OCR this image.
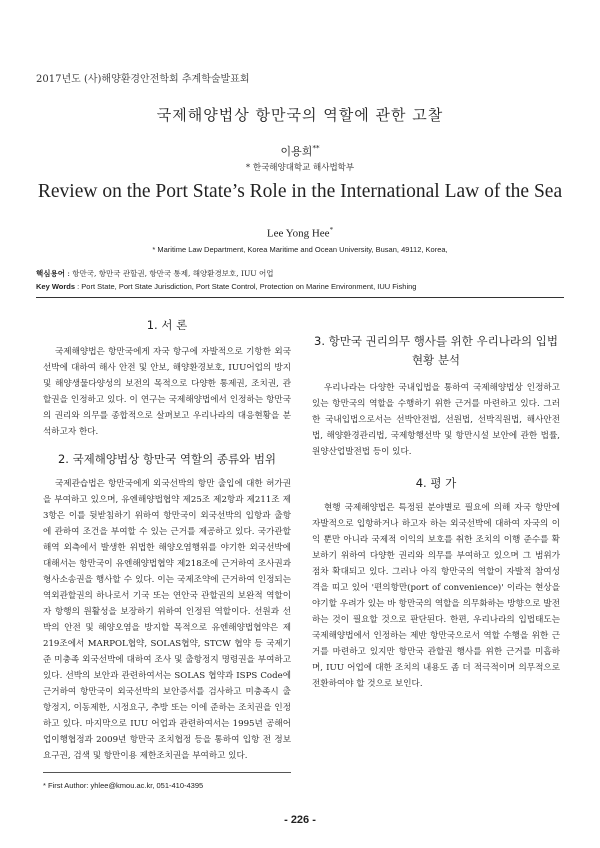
2017년도 (사)해양환경안전학회 추계학술발표회
국제해양법상 항만국의 역할에 관한 고찰
이용희**
* 한국해양대학교 해사법학부
Review on the Port State’s Role in the International Law of the Sea
Lee Yong Hee*
* Maritime Law Department, Korea Maritime and Ocean University, Busan, 49112, Korea,
핵심용어 : 항만국, 항만국 관할권, 항만국 통제, 해양환경보호, IUU 어업
Key Words : Port State, Port State Jurisdiction, Port State Control, Protection on Marine Environment, IUU Fishing
1. 서 론

국제해양법은 항만국에게 자국 항구에 자발적으로 기항한 외국선박에 대하여 해사 안전 및 안보, 해양환경보호, IUU어업의 방지 및 해양생물다양성의 보전의 목적으로 다양한 통제권, 조치권, 관할권을 인정하고 있다. 이 연구는 국제해양법에서 인정하는 항만국의 권리와 의무를 종합적으로 살펴보고 우리나라의 대응현황을 분석하고자 한다.

2. 국제해양법상 항만국 역할의 종류와 범위

국제관습법은 항만국에게 외국선박의 항만 출입에 대한 허가권을 부여하고 있으며, 유엔해양법협약 제25조 제2항과 제211조 제3항은 이를 뒷받침하기 위하여 항만국이 외국선박의 입항과 출항에 관하여 조건을 부여할 수 있는 근거를 제공하고 있다. 국가관할해역 외측에서 발생한 위법한 해양오염행위를 야기한 외국선박에 대해서는 항만국이 유엔해양법협약 제218조에 근거하여 조사권과 형사소송권을 행사할 수 있다. 이는 국제조약에 근거하여 인정되는 역외관할권의 하나로서 기국 또는 연안국 관할권의 보완적 역할이자 항행의 원활성을 보장하기 위하여 인정된 역할이다. 선원과 선박의 안전 및 해양오염을 방지할 목적으로 유엔해양법협약은 제219조에서 MARPOL협약, SOLAS협약, STCW 협약 등 국제기준 미충족 외국선박에 대하여 조사 및 출항정지 명령권을 부여하고 있다. 선박의 보안과 관련하여서는 SOLAS 협약과 ISPS Code에 근거하여 항만국이 외국선박의 보안증서를 검사하고 미충족시 출항정지, 이동제한, 시정요구, 추방 또는 이에 준하는 조치권을 인정하고 있다. 마지막으로 IUU 어업과 관련하여서는 1995년 공해어업이행협정과 2009년 항만국 조치협정 등을 통하여 입항 전 정보요구권, 검색 및 항만이용 제한조치권을 부여하고 있다.

3. 항만국 권리의무 행사를 위한 우리나라의 입법현황 분석

우리나라는 다양한 국내입법을 통하여 국제해양법상 인정하고 있는 항만국의 역할을 수행하기 위한 근거를 마련하고 있다. 그러한 국내입법으로서는 선박안전법, 선원법, 선박직원법, 해사안전법, 해양환경관리법, 국제항행선박 및 항만시설 보안에 관한 법률, 원양산업발전법 등이 있다.

4. 평 가

현행 국제해양법은 특정된 분야별로 필요에 의해 자국 항만에 자발적으로 입항하거나 하고자 하는 외국선박에 대하여 자국의 이익 뿐만 아니라 국제적 이익의 보호를 취한 조치의 이행 준수를 확보하기 위하여 다양한 권리와 의무를 부여하고 있으며 그 범위가 점차 확대되고 있다. 그러나 아직 항만국의 역할이 자발적 참여성격을 띠고 있어 '편의항만(port of convenience)' 이라는 현상을 야기할 우려가 있는 바 항만국의 역할을 의무화하는 방향으로 발전하는 것이 필요할 것으로 판단된다. 한편, 우리나라의 입법태도는 국제해양법에서 인정하는 제반 항만국으로서 역할 수행을 위한 근거를 마련하고 있지만 항만국 관할권 행사를 위한 근거를 미흡하며, IUU 어업에 대한 조치의 내용도 좀 더 적극적이며 의무적으로 전환하여야 할 것으로 보인다.

* First Author: yhlee@kmou.ac.kr, 051-410-4395
- 226 -
